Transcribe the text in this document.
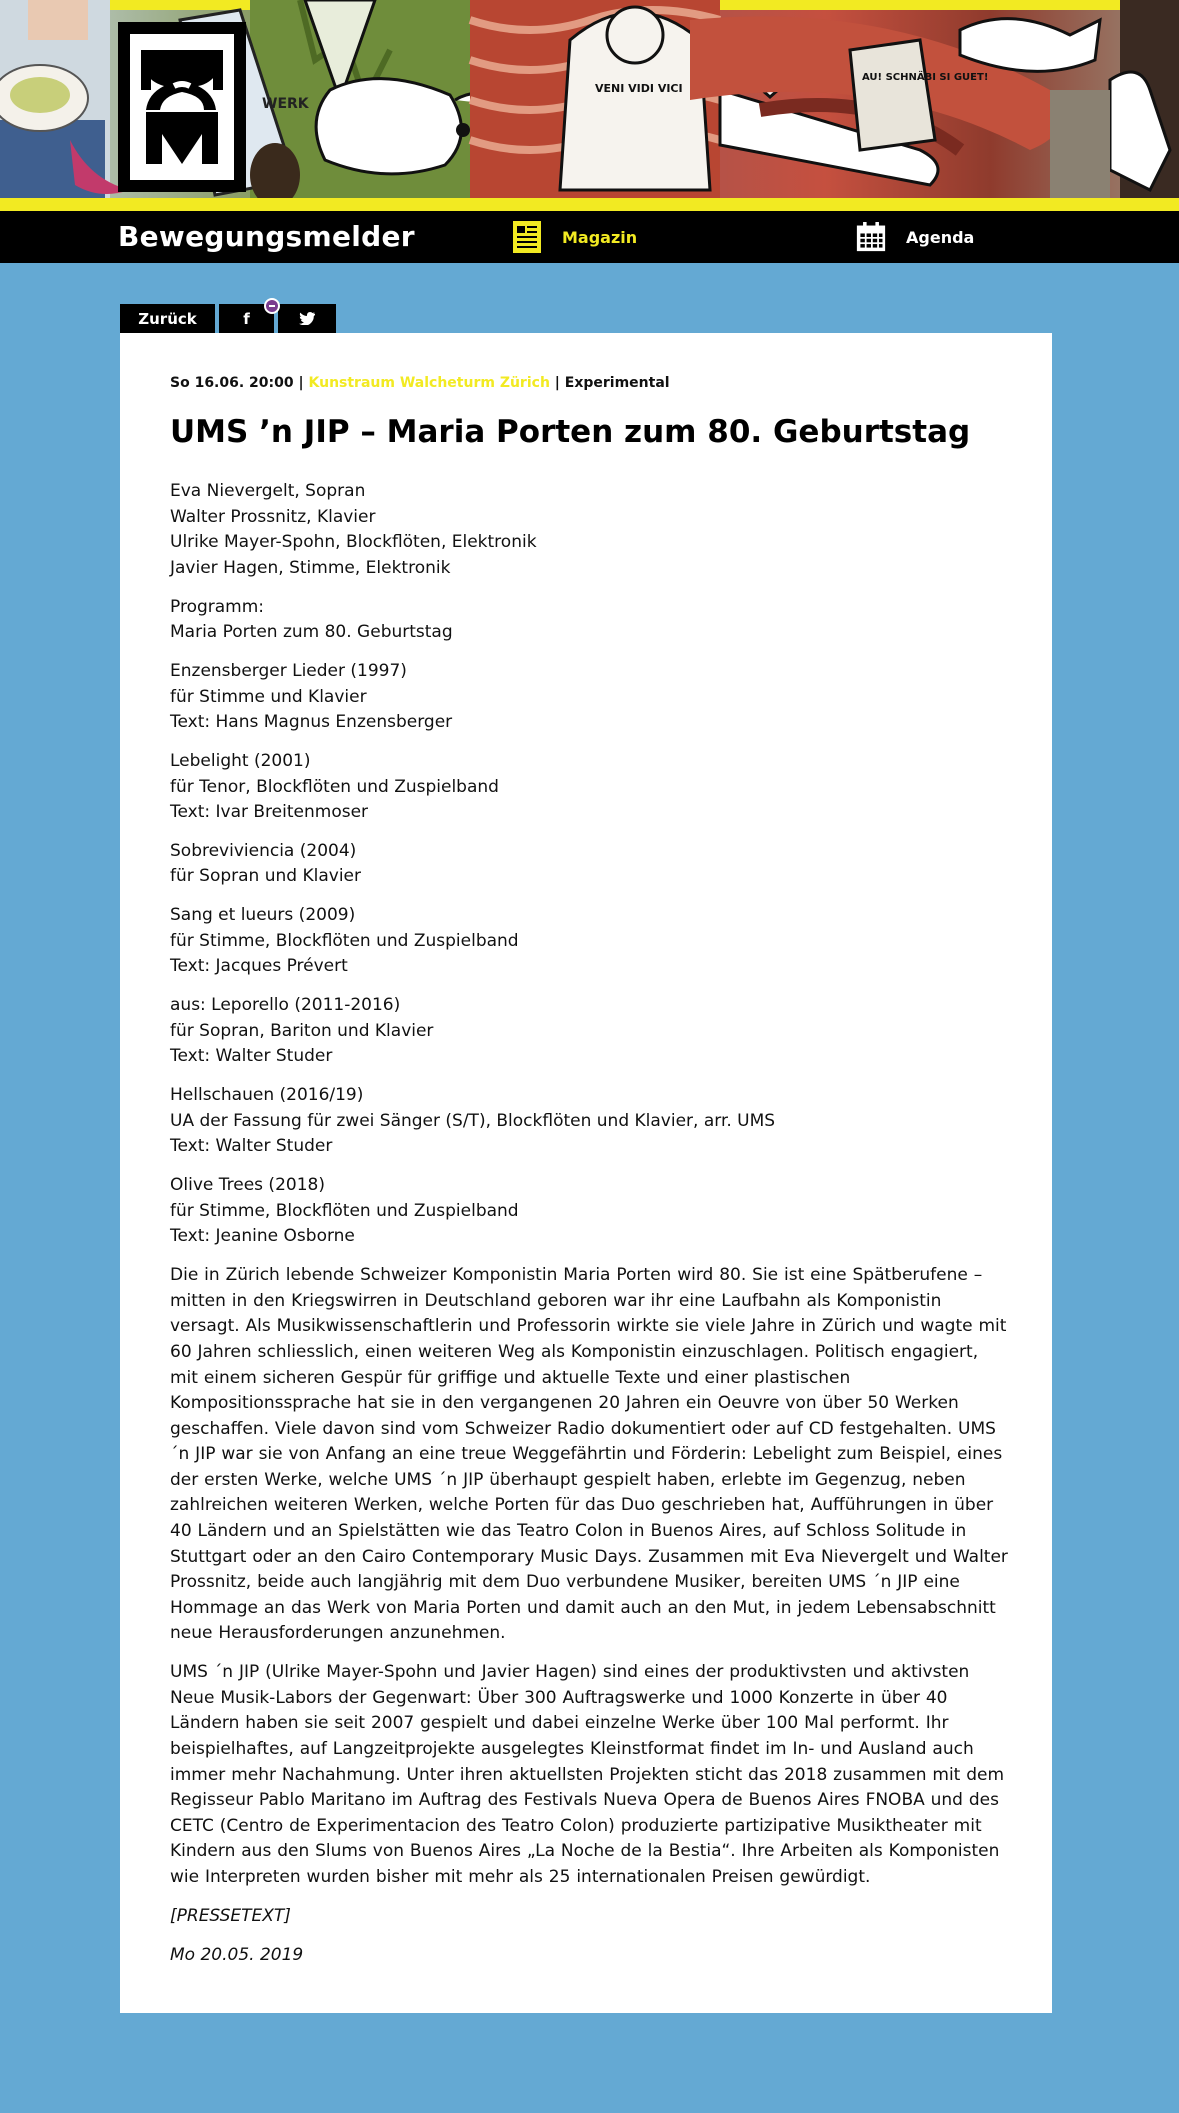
WERK
VENI VIDI VICI
AU! SCHNÄBI SI GUET!
Bewegungsmelder	Magazin	Agenda
Zurück	f
So 16.06. 20:00 | Kunstraum Walcheturm Zürich | Experimental
UMS ’n JIP – Maria Porten zum 80. Geburtstag

Eva Nievergelt, Sopran
Walter Prossnitz, Klavier
Ulrike Mayer-Spohn, Blockflöten, Elektronik
Javier Hagen, Stimme, Elektronik

Programm:
Maria Porten zum 80. Geburtstag

Enzensberger Lieder (1997)
für Stimme und Klavier
Text: Hans Magnus Enzensberger

Lebelight (2001)
für Tenor, Blockflöten und Zuspielband
Text: Ivar Breitenmoser

Sobreviviencia (2004)
für Sopran und Klavier

Sang et lueurs (2009)
für Stimme, Blockflöten und Zuspielband
Text: Jacques Prévert

aus: Leporello (2011-2016)
für Sopran, Bariton und Klavier
Text: Walter Studer

Hellschauen (2016/19)
UA der Fassung für zwei Sänger (S/T), Blockflöten und Klavier, arr. UMS
Text: Walter Studer

Olive Trees (2018)
für Stimme, Blockflöten und Zuspielband
Text: Jeanine Osborne

Die in Zürich lebende Schweizer Komponistin Maria Porten wird 80. Sie ist eine Spätberufene – mitten in den Kriegswirren in Deutschland geboren war ihr eine Laufbahn als Komponistin versagt. Als Musikwissenschaftlerin und Professorin wirkte sie viele Jahre in Zürich und wagte mit 60 Jahren schliesslich, einen weiteren Weg als Komponistin einzuschlagen. Politisch engagiert, mit einem sicheren Gespür für griffige und aktuelle Texte und einer plastischen Kompositionssprache hat sie in den vergangenen 20 Jahren ein Oeuvre von über 50 Werken geschaffen. Viele davon sind vom Schweizer Radio dokumentiert oder auf CD festgehalten. UMS ´n JIP war sie von Anfang an eine treue Weggefährtin und Förderin: Lebelight zum Beispiel, eines der ersten Werke, welche UMS ´n JIP überhaupt gespielt haben, erlebte im Gegenzug, neben zahlreichen weiteren Werken, welche Porten für das Duo geschrieben hat, Aufführungen in über 40 Ländern und an Spielstätten wie das Teatro Colon in Buenos Aires, auf Schloss Solitude in Stuttgart oder an den Cairo Contemporary Music Days. Zusammen mit Eva Nievergelt und Walter Prossnitz, beide auch langjährig mit dem Duo verbundene Musiker, bereiten UMS ´n JIP eine Hommage an das Werk von Maria Porten und damit auch an den Mut, in jedem Lebensabschnitt neue Herausforderungen anzunehmen.

UMS ´n JIP (Ulrike Mayer-Spohn und Javier Hagen) sind eines der produktivsten und aktivsten Neue Musik-Labors der Gegenwart: Über 300 Auftragswerke und 1000 Konzerte in über 40 Ländern haben sie seit 2007 gespielt und dabei einzelne Werke über 100 Mal performt. Ihr beispielhaftes, auf Langzeitprojekte ausgelegtes Kleinstformat findet im In- und Ausland auch immer mehr Nachahmung. Unter ihren aktuellsten Projekten sticht das 2018 zusammen mit dem Regisseur Pablo Maritano im Auftrag des Festivals Nueva Opera de Buenos Aires FNOBA und des CETC (Centro de Experimentacion des Teatro Colon) produzierte partizipative Musiktheater mit Kindern aus den Slums von Buenos Aires „La Noche de la Bestia“. Ihre Arbeiten als Komponisten wie Interpreten wurden bisher mit mehr als 25 internationalen Preisen gewürdigt.

[PRESSETEXT]

Mo 20.05. 2019
